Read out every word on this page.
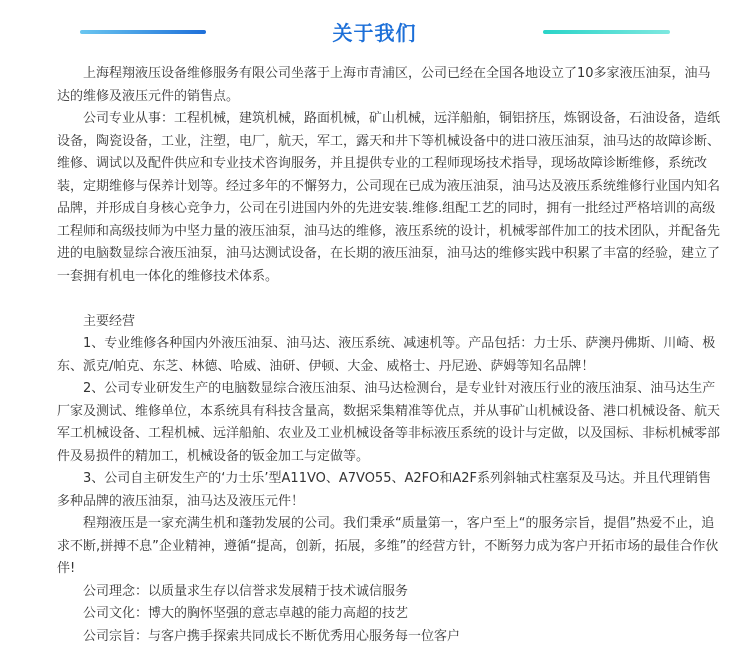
关于我们

上海程翔液压设备维修服务有限公司坐落于上海市青浦区，公司已经在全国各地设立了10多家液压油泵，油马达的维修及液压元件的销售点。

公司专业从事：工程机械，建筑机械，路面机械，矿山机械，远洋船舶，铜铝挤压，炼钢设备，石油设备，造纸设备，陶瓷设备，工业，注塑，电厂，航天，军工，露天和井下等机械设备中的进口液压油泵，油马达的故障诊断、维修、调试以及配件供应和专业技术咨询服务，并且提供专业的工程师现场技术指导，现场故障诊断维修，系统改装，定期维修与保养计划等。经过多年的不懈努力，公司现在已成为液压油泵，油马达及液压系统维修行业国内知名品牌，并形成自身核心竞争力，公司在引进国内外的先进安装.维修.组配工艺的同时，拥有一批经过严格培训的高级工程师和高级技师为中坚力量的液压油泵，油马达的维修，液压系统的设计，机械零部件加工的技术团队，并配备先进的电脑数显综合液压油泵，油马达测试设备，在长期的液压油泵，油马达的维修实践中积累了丰富的经验，建立了一套拥有机电一体化的维修技术体系。

主要经营

1、专业维修各种国内外液压油泵、油马达、液压系统、减速机等。产品包括：力士乐、萨澳丹佛斯、川崎、极东、派克/帕克、东芝、林德、哈威、油研、伊顿、大金、威格士、丹尼逊、萨姆等知名品牌！

2、公司专业研发生产的电脑数显综合液压油泵、油马达检测台，是专业针对液压行业的液压油泵、油马达生产厂家及测试、维修单位，本系统具有科技含量高，数据采集精准等优点，并从事矿山机械设备、港口机械设备、航天军工机械设备、工程机械、远洋船舶、农业及工业机械设备等非标液压系统的设计与定做，以及国标、非标机械零部件及易损件的精加工，机械设备的钣金加工与定做等。

3、公司自主研发生产的‘力士乐’型A11VO、A7VO55、A2FO和A2F系列斜轴式柱塞泵及马达。并且代理销售多种品牌的液压油泵，油马达及液压元件！

程翔液压是一家充满生机和蓬勃发展的公司。我们秉承“质量第一，客户至上“的服务宗旨，提倡”热爱不止，追求不断,拼搏不息”企业精神，遵循“提高，创新，拓展，多维”的经营方针，不断努力成为客户开拓市场的最佳合作伙伴!

公司理念：以质量求生存以信誉求发展精于技术诚信服务

公司文化：博大的胸怀坚强的意志卓越的能力高超的技艺

公司宗旨：与客户携手探索共同成长不断优秀用心服务每一位客户
